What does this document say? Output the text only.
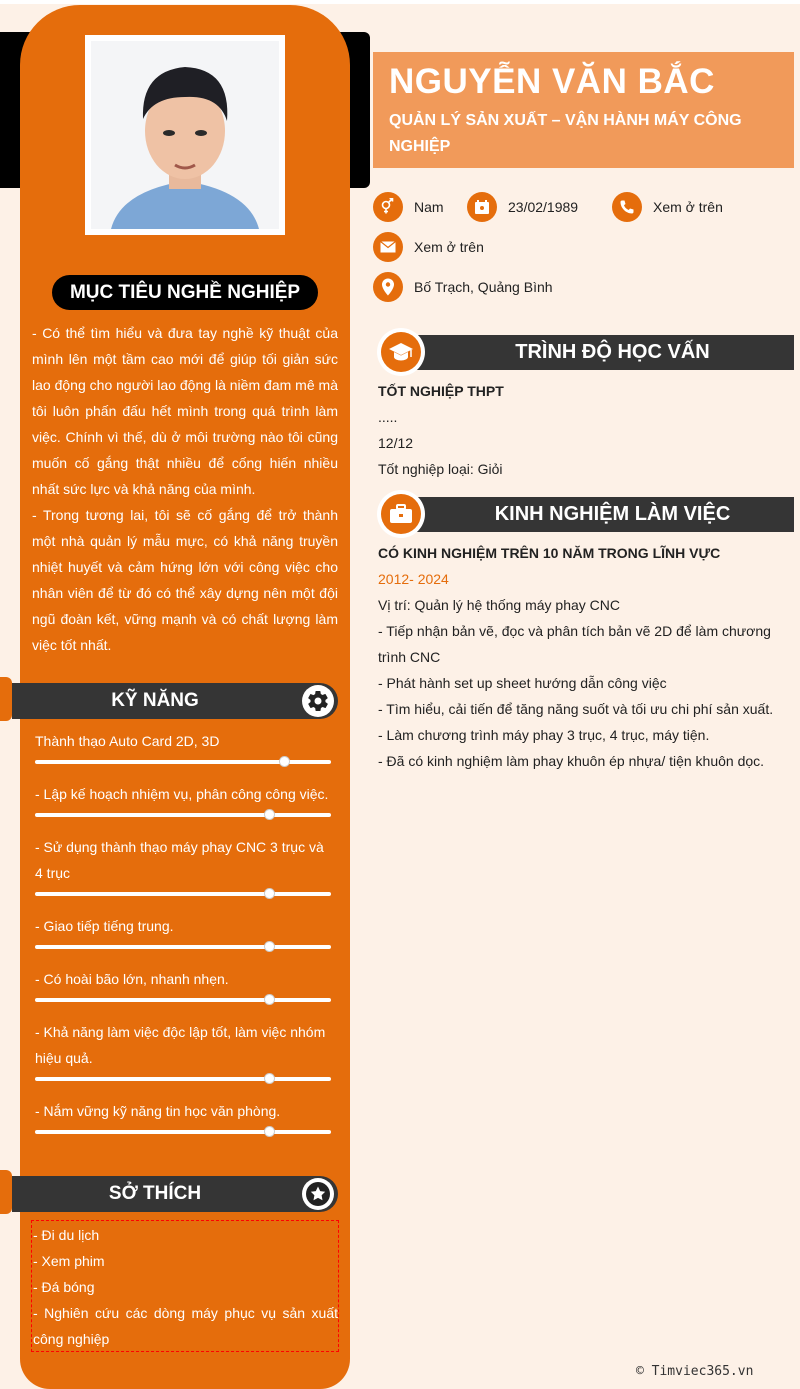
MỤC TIÊU NGHỀ NGHIỆP

- Có thể tìm hiểu và đưa tay nghề kỹ thuật của mình lên một tầm cao mới để giúp tối giản sức lao động cho người lao động là niềm đam mê mà tôi luôn phấn đấu hết mình trong quá trình làm việc. Chính vì thế, dù ở môi trường nào tôi cũng muốn cố gắng thật nhiều để cống hiến nhiều nhất sức lực và khả năng của mình.

- Trong tương lai, tôi sẽ cố gắng để trở thành một nhà quản lý mẫu mực, có khả năng truyền nhiệt huyết và cảm hứng lớn với công việc cho nhân viên để từ đó có thể xây dựng nên một đội ngũ đoàn kết, vững mạnh và có chất lượng làm việc tốt nhất.

KỸ NĂNG
Thành thạo Auto Card 2D, 3D
- Lập kế hoạch nhiệm vụ, phân công công việc.
- Sử dụng thành thạo máy phay CNC 3 trục và 4 trục
- Giao tiếp tiếng trung.
- Có hoài bão lớn, nhanh nhẹn.
- Khả năng làm việc độc lập tốt, làm việc nhóm hiệu quả.
- Nắm vững kỹ năng tin học văn phòng.
SỞ THÍCH
- Đi du lịch
- Xem phim
- Đá bóng
- Nghiên cứu các dòng máy phục vụ sản xuất công nghiệp
NGUYỄN VĂN BẮC
QUẢN LÝ SẢN XUẤT – VẬN HÀNH MÁY CÔNG NGHIỆP
Nam	23/02/1989	Xem ở trên
Xem ở trên
Bố Trạch, Quảng Bình
TRÌNH ĐỘ HỌC VẤN
TỐT NGHIỆP THPT
.....
12/12
Tốt nghiệp loại: Giỏi
KINH NGHIỆM LÀM VIỆC
CÓ KINH NGHIỆM TRÊN 10 NĂM TRONG LĨNH VỰC
2012- 2024
Vị trí: Quản lý hệ thống máy phay CNC
- Tiếp nhận bản vẽ, đọc và phân tích bản vẽ 2D để làm chương trình CNC
- Phát hành set up sheet hướng dẫn công việc
- Tìm hiểu, cải tiến để tăng năng suốt và tối ưu chi phí sản xuất.
- Làm chương trình máy phay 3 trục, 4 trục, máy tiện.
- Đã có kinh nghiệm làm phay khuôn ép nhựa/ tiện khuôn dọc.
© Timviec365.vn
